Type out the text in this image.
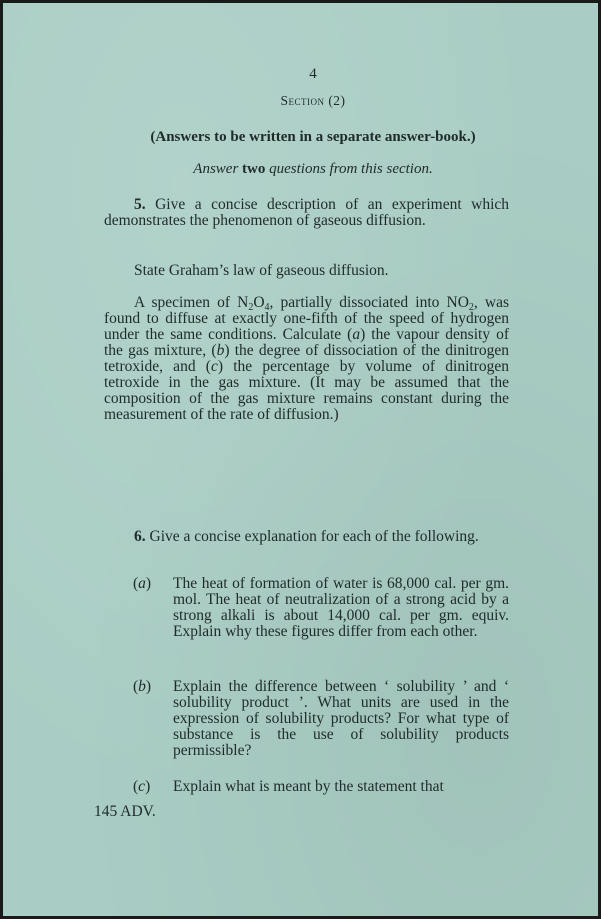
4
Section (2)
(Answers to be written in a separate answer-book.)
Answer two questions from this section.
5. Give a concise description of an experiment which demonstrates the phenomenon of gaseous diffusion.
State Graham’s law of gaseous diffusion.
A specimen of $N_2O_4$, partially dissociated into $NO_2$, was found to diffuse at exactly one-fifth of the speed of hydrogen under the same conditions. Calculate (a) the vapour density of the gas mixture, (b) the degree of dissociation of the dinitrogen tetroxide, and (c) the percentage by volume of dinitrogen tetroxide in the gas mixture. (It may be assumed that the composition of the gas mixture remains constant during the measurement of the rate of diffusion.)
6. Give a concise explanation for each of the following.
(a) The heat of formation of water is 68,000 cal. per gm. mol. The heat of neutralization of a strong acid by a strong alkali is about 14,000 cal. per gm. equiv. Explain why these figures differ from each other.
(b) Explain the difference between ‘ solubility ’ and ‘ solubility product ’. What units are used in the expression of solubility products? For what type of substance is the use of solubility products permissible?
(c) Explain what is meant by the statement that
145 ADV.
